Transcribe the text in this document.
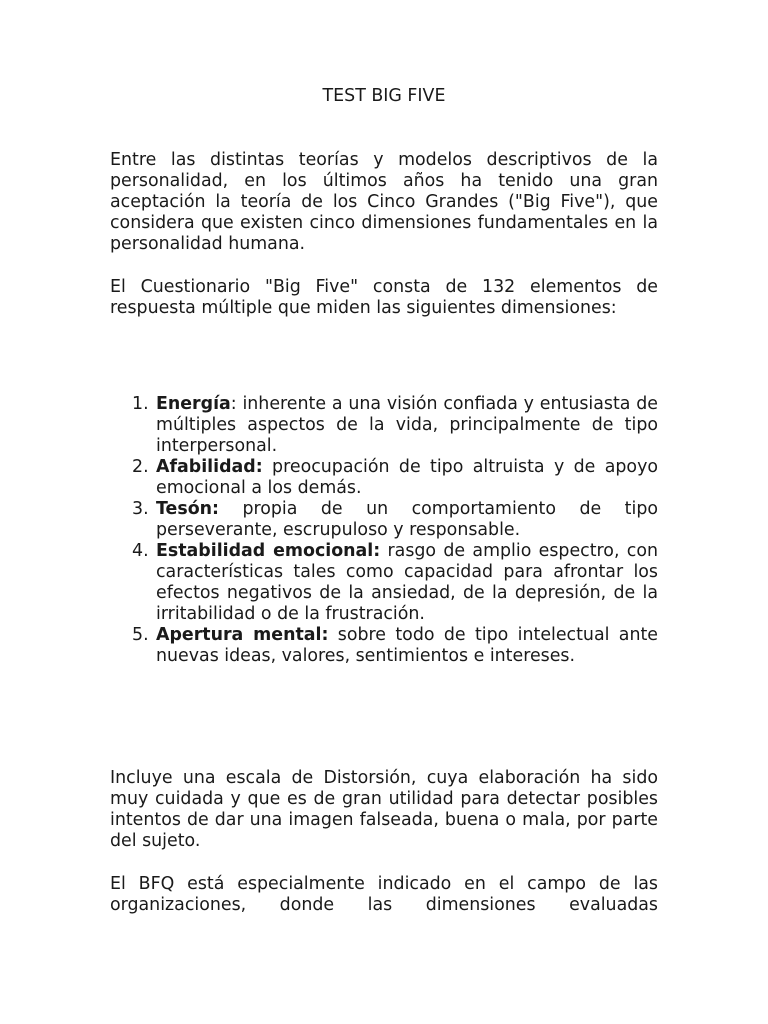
TEST BIG FIVE

Entre las distintas teorías y modelos descriptivos de la personalidad, en los últimos años ha tenido una gran aceptación la teoría de los Cinco Grandes ("Big Five"), que considera que existen cinco dimensiones fundamentales en la personalidad humana.

El Cuestionario "Big Five" consta de 132 elementos de respuesta múltiple que miden las siguientes dimensiones:

1. Energía: inherente a una visión confiada y entusiasta de múltiples aspectos de la vida, principalmente de tipo interpersonal.
2. Afabilidad: preocupación de tipo altruista y de apoyo emocional a los demás.
3. Tesón: propia de un comportamiento de tipo perseverante, escrupuloso y responsable.
4. Estabilidad emocional: rasgo de amplio espectro, con características tales como capacidad para afrontar los efectos negativos de la ansiedad, de la depresión, de la irritabilidad o de la frustración.
5. Apertura mental: sobre todo de tipo intelectual ante nuevas ideas, valores, sentimientos e intereses.

Incluye una escala de Distorsión, cuya elaboración ha sido muy cuidada y que es de gran utilidad para detectar posibles intentos de dar una imagen falseada, buena o mala, por parte del sujeto.

El BFQ está especialmente indicado en el campo de las organizaciones, donde las dimensiones evaluadas
